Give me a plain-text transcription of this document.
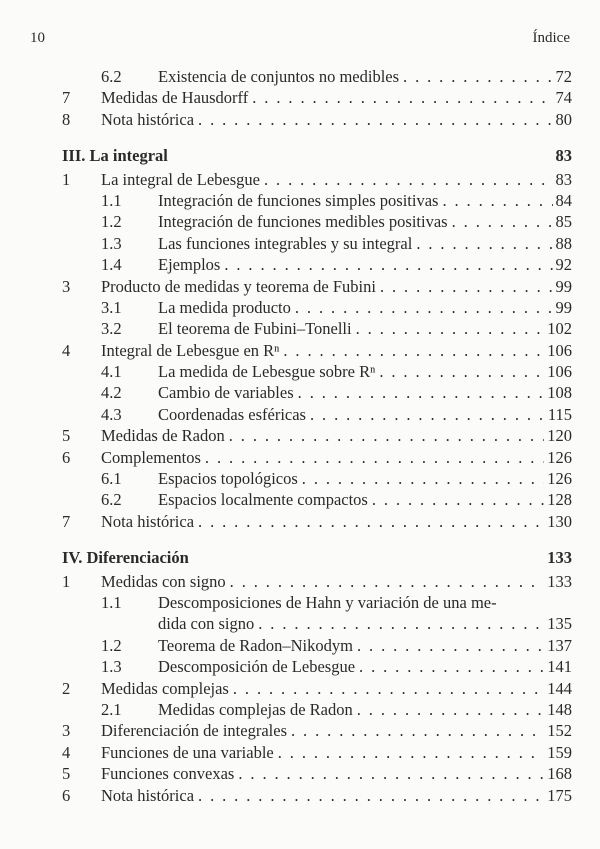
10	Índice
6.2 Existencia de conjuntos no medibles . . .	72
7 Medidas de Hausdorff . . .	74
8 Nota histórica . . .	80
III. La integral	83
1 La integral de Lebesgue . . .	83
1.1 Integración de funciones simples positivas . . .	84
1.2 Integración de funciones medibles positivas . . .	85
1.3 Las funciones integrables y su integral . . .	88
1.4 Ejemplos . . .	92
3 Producto de medidas y teorema de Fubini . . .	99
3.1 La medida producto . . .	99
3.2 El teorema de Fubini–Tonelli . . .	102
4 Integral de Lebesgue en Rⁿ . . .	106
4.1 La medida de Lebesgue sobre Rⁿ . . .	106
4.2 Cambio de variables . . .	108
4.3 Coordenadas esféricas . . .	115
5 Medidas de Radon . . .	120
6 Complementos . . .	126
6.1 Espacios topológicos . . .	126
6.2 Espacios localmente compactos . . .	128
7 Nota histórica . . .	130
IV. Diferenciación	133
1 Medidas con signo . . .	133
1.1 Descomposiciones de Hahn y variación de una me-
dida con signo . . .	135
1.2 Teorema de Radon–Nikodym . . .	137
1.3 Descomposición de Lebesgue . . .	141
2 Medidas complejas . . .	144
2.1 Medidas complejas de Radon . . .	148
3 Diferenciación de integrales . . .	152
4 Funciones de una variable . . .	159
5 Funciones convexas . . .	168
6 Nota histórica . . .	175
